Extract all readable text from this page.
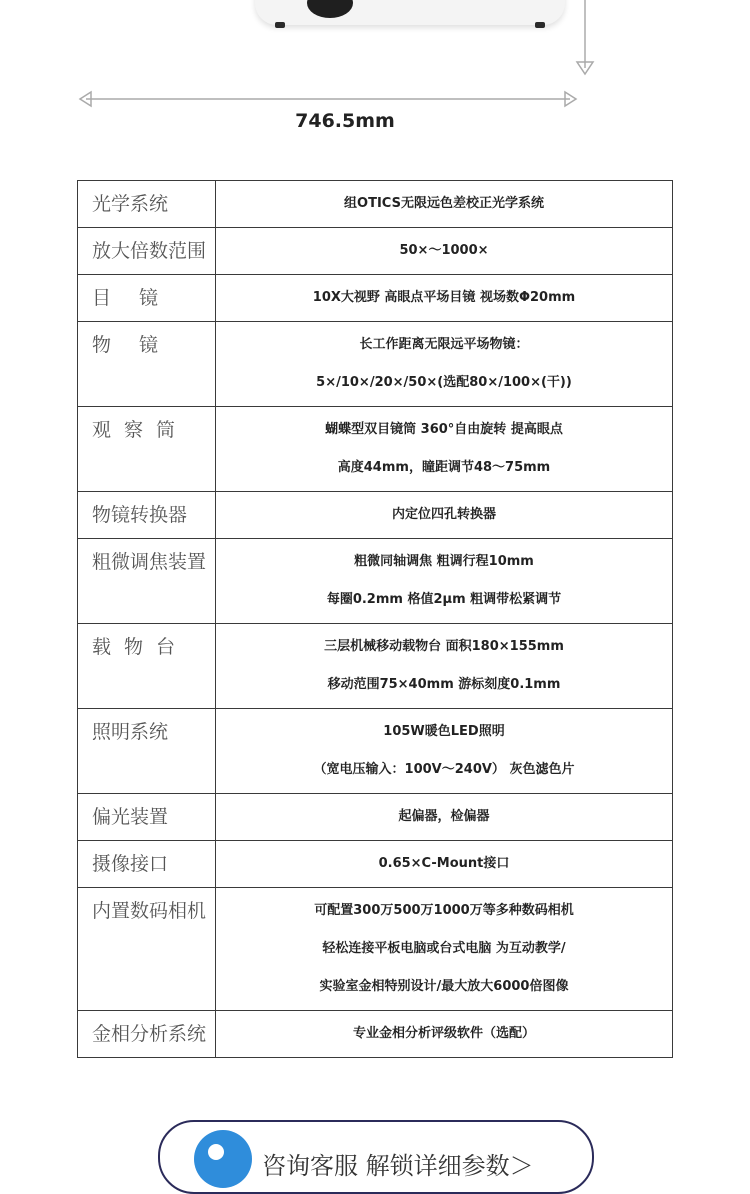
746.5mm
光学系统	组OTICS无限远色差校正光学系统

放大倍数范围	50×～1000×

目镜	10X大视野 高眼点平场目镜 视场数Φ20mm

物镜	长工作距离无限远平场物镜：
5×/10×/20×/50×(选配80×/100×(干))

观察筒	蝴蝶型双目镜筒 360°自由旋转 提高眼点
高度44mm，瞳距调节48～75mm

物镜转换器	内定位四孔转换器

粗微调焦装置	粗微同轴调焦 粗调行程10mm
每圈0.2mm 格值2μm 粗调带松紧调节

载物台	三层机械移动载物台 面积180×155mm
移动范围75×40mm 游标刻度0.1mm

照明系统	105W暖色LED照明
（宽电压输入：100V～240V） 灰色滤色片

偏光装置	起偏器，检偏器

摄像接口	0.65×C-Mount接口

内置数码相机	可配置300万500万1000万等多种数码相机
轻松连接平板电脑或台式电脑 为互动教学/
实验室金相特别设计/最大放大6000倍图像

金相分析系统	专业金相分析评级软件（选配）
咨询客服 解锁详细参数＞
